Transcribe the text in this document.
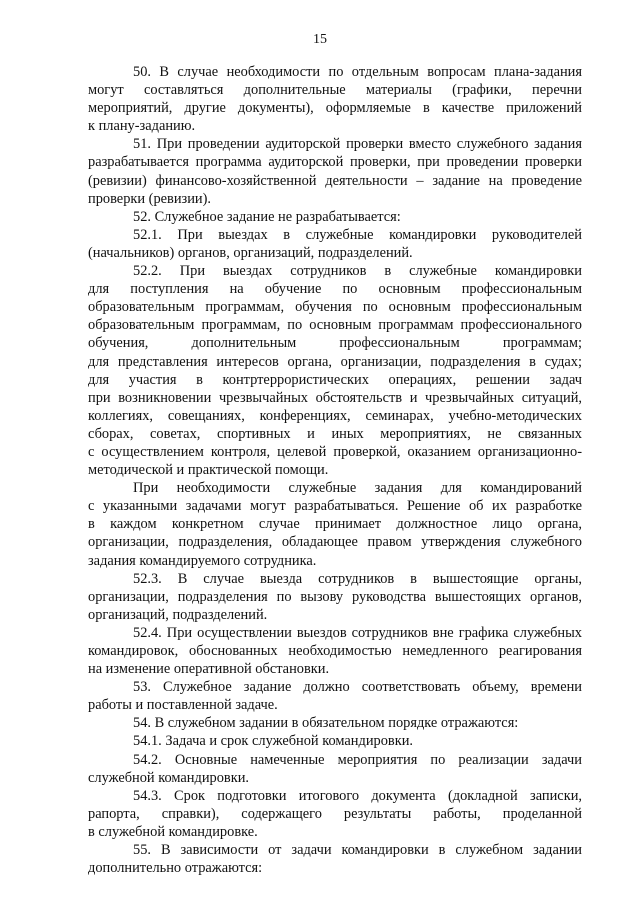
15
50. В случае необходимости по отдельным вопросам плана-задания
могут составляться дополнительные материалы (графики, перечни
мероприятий, другие документы), оформляемые в качестве приложений
к плану-заданию.
51. При проведении аудиторской проверки вместо служебного задания
разрабатывается программа аудиторской проверки, при проведении проверки
(ревизии) финансово-хозяйственной деятельности – задание на проведение
проверки (ревизии).
52. Служебное задание не разрабатывается:
52.1. При выездах в служебные командировки руководителей
(начальников) органов, организаций, подразделений.
52.2. При выездах сотрудников в служебные командировки
для поступления на обучение по основным профессиональным
образовательным программам, обучения по основным профессиональным
образовательным программам, по основным программам профессионального
обучения, дополнительным профессиональным программам;
для представления интересов органа, организации, подразделения в судах;
для участия в контртеррористических операциях, решении задач
при возникновении чрезвычайных обстоятельств и чрезвычайных ситуаций,
коллегиях, совещаниях, конференциях, семинарах, учебно-методических
сборах, советах, спортивных и иных мероприятиях, не связанных
с осуществлением контроля, целевой проверкой, оказанием организационно-
методической и практической помощи.
При необходимости служебные задания для командирований
с указанными задачами могут разрабатываться. Решение об их разработке
в каждом конкретном случае принимает должностное лицо органа,
организации, подразделения, обладающее правом утверждения служебного
задания командируемого сотрудника.
52.3. В случае выезда сотрудников в вышестоящие органы,
организации, подразделения по вызову руководства вышестоящих органов,
организаций, подразделений.
52.4. При осуществлении выездов сотрудников вне графика служебных
командировок, обоснованных необходимостью немедленного реагирования
на изменение оперативной обстановки.
53. Служебное задание должно соответствовать объему, времени
работы и поставленной задаче.
54. В служебном задании в обязательном порядке отражаются:
54.1. Задача и срок служебной командировки.
54.2. Основные намеченные мероприятия по реализации задачи
служебной командировки.
54.3. Срок подготовки итогового документа (докладной записки,
рапорта, справки), содержащего результаты работы, проделанной
в служебной командировке.
55. В зависимости от задачи командировки в служебном задании
дополнительно отражаются:
